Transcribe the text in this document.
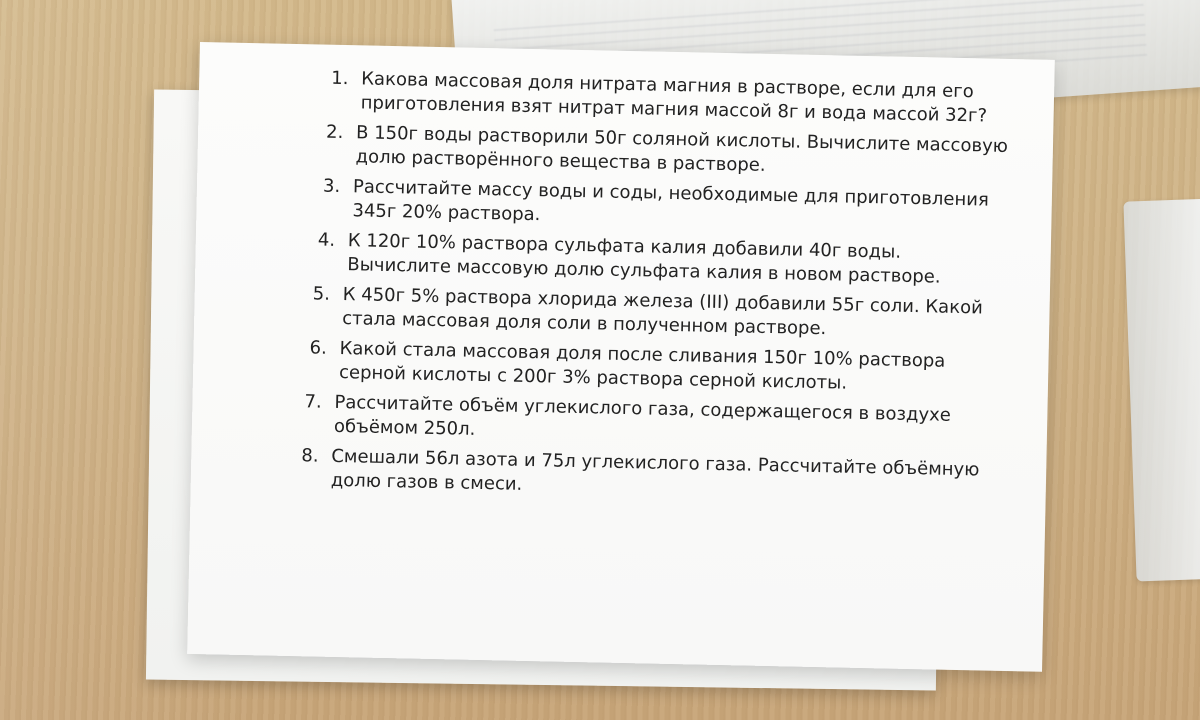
1. Какова массовая доля нитрата магния в растворе, если для его приготовления взят нитрат магния массой 8г и вода массой 32г?
2. В 150г воды растворили 50г соляной кислоты. Вычислите массовую долю растворённого вещества в растворе.
3. Рассчитайте массу воды и соды, необходимые для приготовления 345г 20% раствора.
4. К 120г 10% раствора сульфата калия добавили 40г воды. Вычислите массовую долю сульфата калия в новом растворе.
5. К 450г 5% раствора хлорида железа (III) добавили 55г соли. Какой стала массовая доля соли в полученном растворе.
6. Какой стала массовая доля после сливания 150г 10% раствора серной кислоты с 200г 3% раствора серной кислоты.
7. Рассчитайте объём углекислого газа, содержащегося в воздухе объёмом 250л.
8. Смешали 56л азота и 75л углекислого газа. Рассчитайте объёмную долю газов в смеси.
